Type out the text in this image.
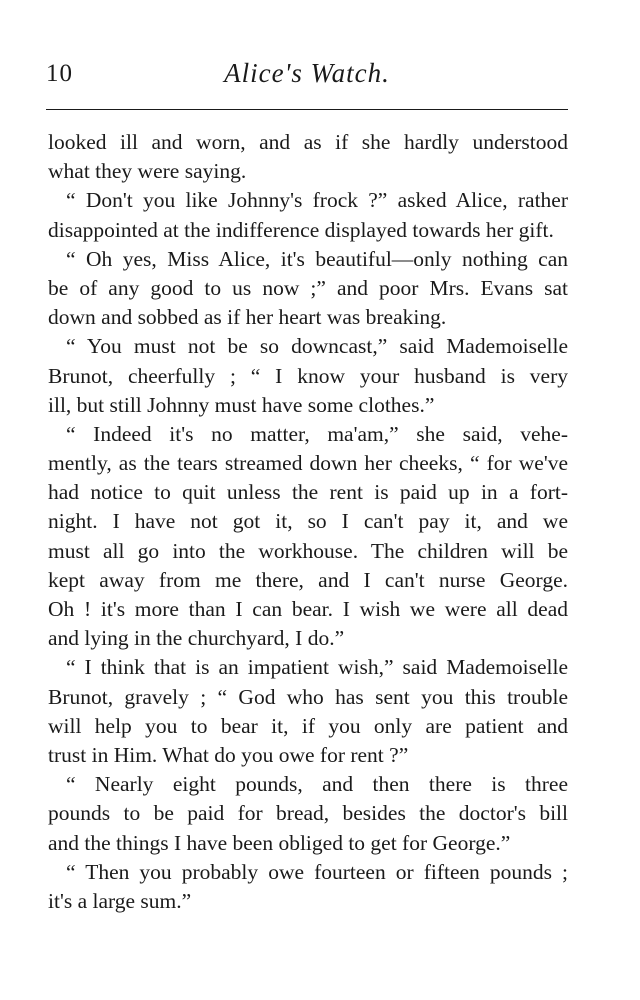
10	Alice's Watch.
looked ill and worn, and as if she hardly understood
what they were saying.
“ Don't you like Johnny's frock ?” asked Alice, rather
disappointed at the indifference displayed towards her gift.
“ Oh yes, Miss Alice, it's beautiful—only nothing can
be of any good to us now ;” and poor Mrs. Evans sat
down and sobbed as if her heart was breaking.
“ You must not be so downcast,” said Mademoiselle
Brunot, cheerfully ; “ I know your husband is very
ill, but still Johnny must have some clothes.”
“ Indeed it's no matter, ma'am,” she said, vehe-
mently, as the tears streamed down her cheeks, “ for we've
had notice to quit unless the rent is paid up in a fort-
night. I have not got it, so I can't pay it, and we
must all go into the workhouse. The children will be
kept away from me there, and I can't nurse George.
Oh ! it's more than I can bear. I wish we were all dead
and lying in the churchyard, I do.”
“ I think that is an impatient wish,” said Mademoiselle
Brunot, gravely ; “ God who has sent you this trouble
will help you to bear it, if you only are patient and
trust in Him. What do you owe for rent ?”
“ Nearly eight pounds, and then there is three
pounds to be paid for bread, besides the doctor's bill
and the things I have been obliged to get for George.”
“ Then you probably owe fourteen or fifteen pounds ;
it's a large sum.”
